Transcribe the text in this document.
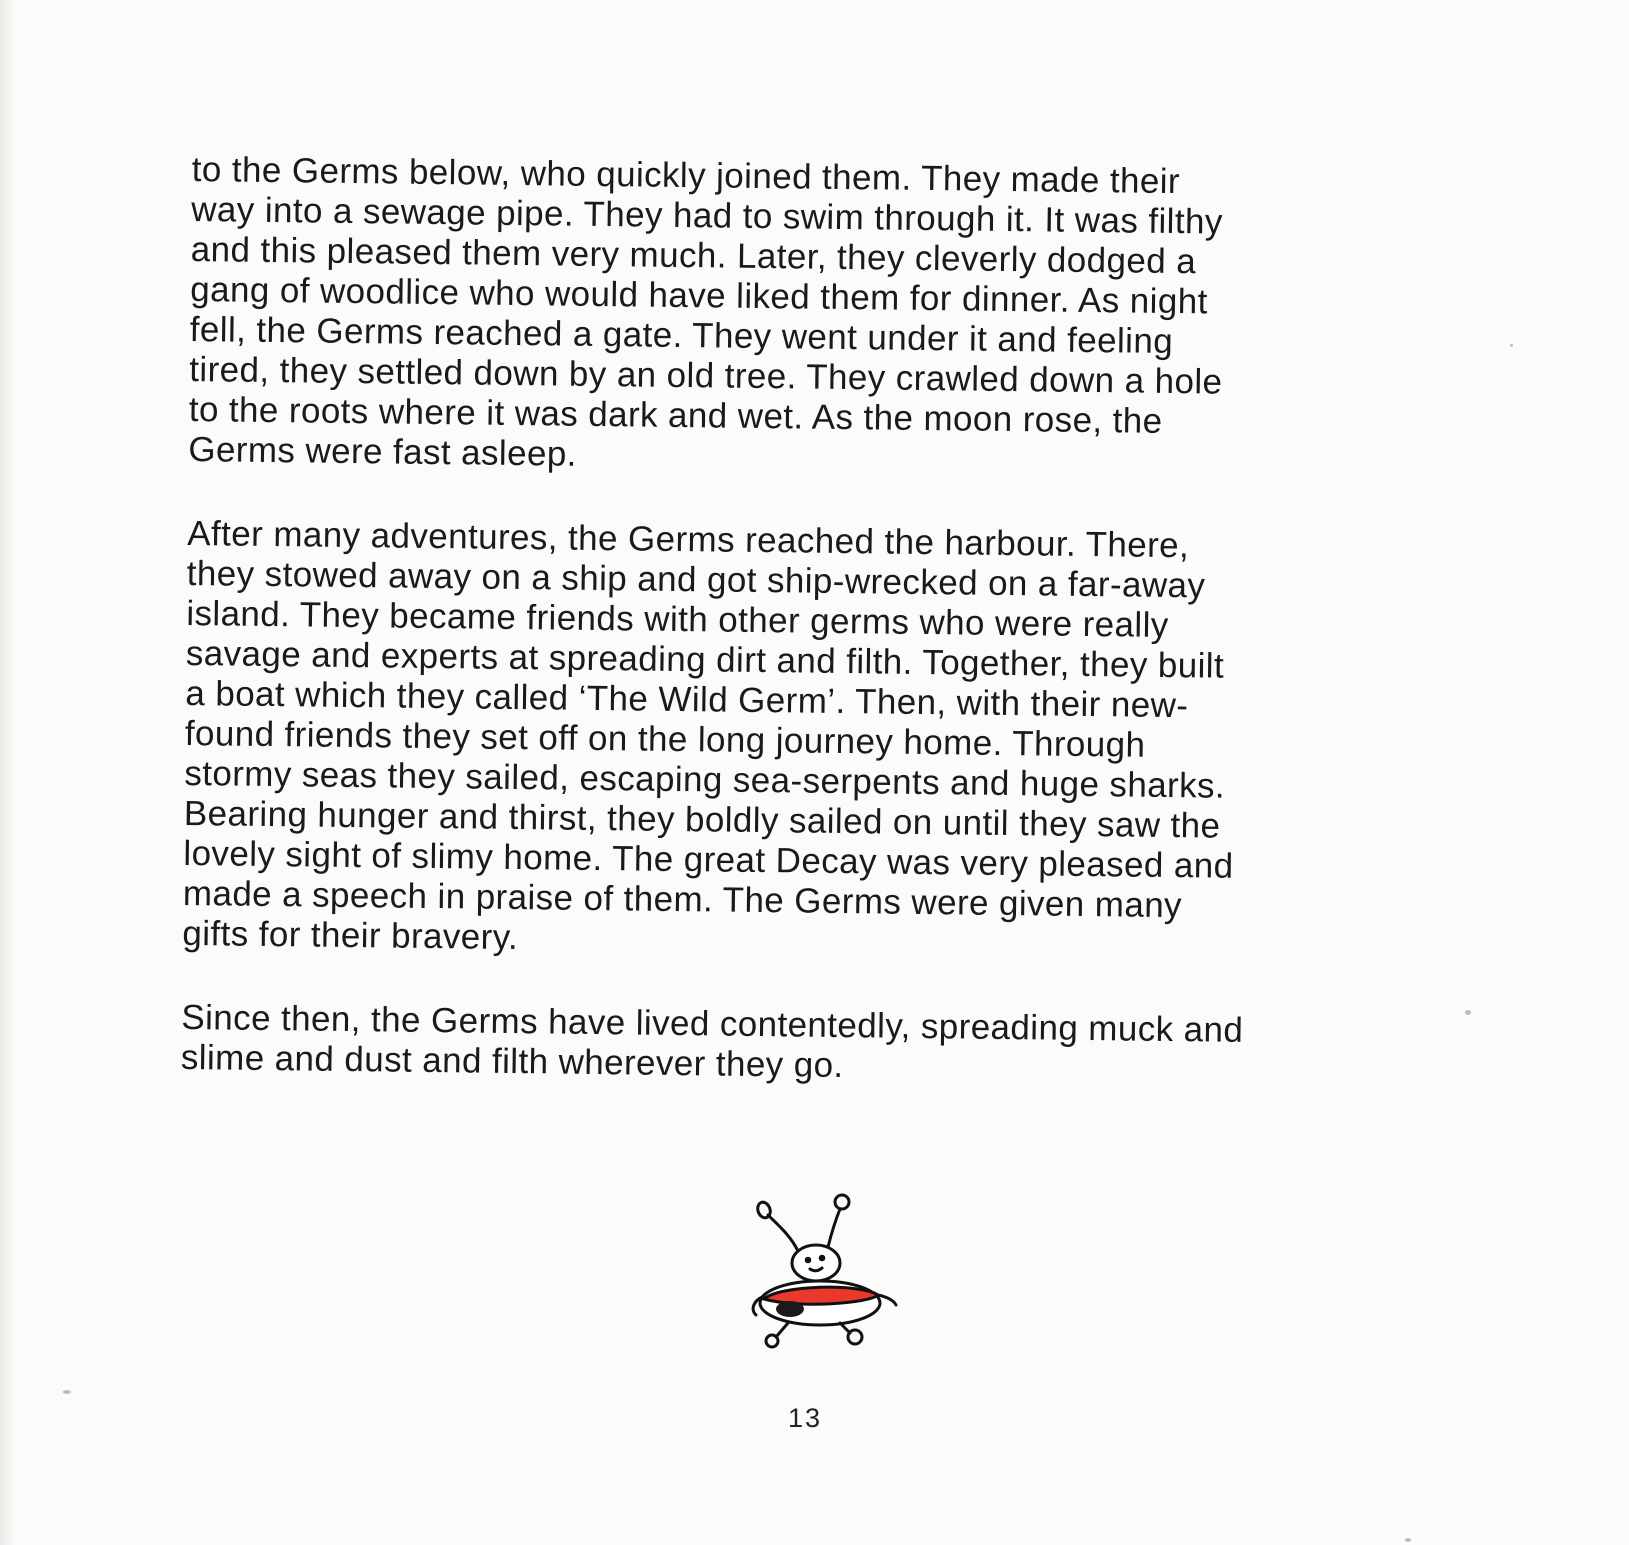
to the Germs below, who quickly joined them. They made their
way into a sewage pipe. They had to swim through it. It was filthy
and this pleased them very much. Later, they cleverly dodged a
gang of woodlice who would have liked them for dinner. As night
fell, the Germs reached a gate. They went under it and feeling
tired, they settled down by an old tree. They crawled down a hole
to the roots where it was dark and wet. As the moon rose, the
Germs were fast asleep.

After many adventures, the Germs reached the harbour. There,
they stowed away on a ship and got ship-wrecked on a far-away
island. They became friends with other germs who were really
savage and experts at spreading dirt and filth. Together, they built
a boat which they called ‘The Wild Germ’. Then, with their new-
found friends they set off on the long journey home. Through
stormy seas they sailed, escaping sea-serpents and huge sharks.
Bearing hunger and thirst, they boldly sailed on until they saw the
lovely sight of slimy home. The great Decay was very pleased and
made a speech in praise of them. The Germs were given many
gifts for their bravery.

Since then, the Germs have lived contentedly, spreading muck and
slime and dust and filth wherever they go.

13
